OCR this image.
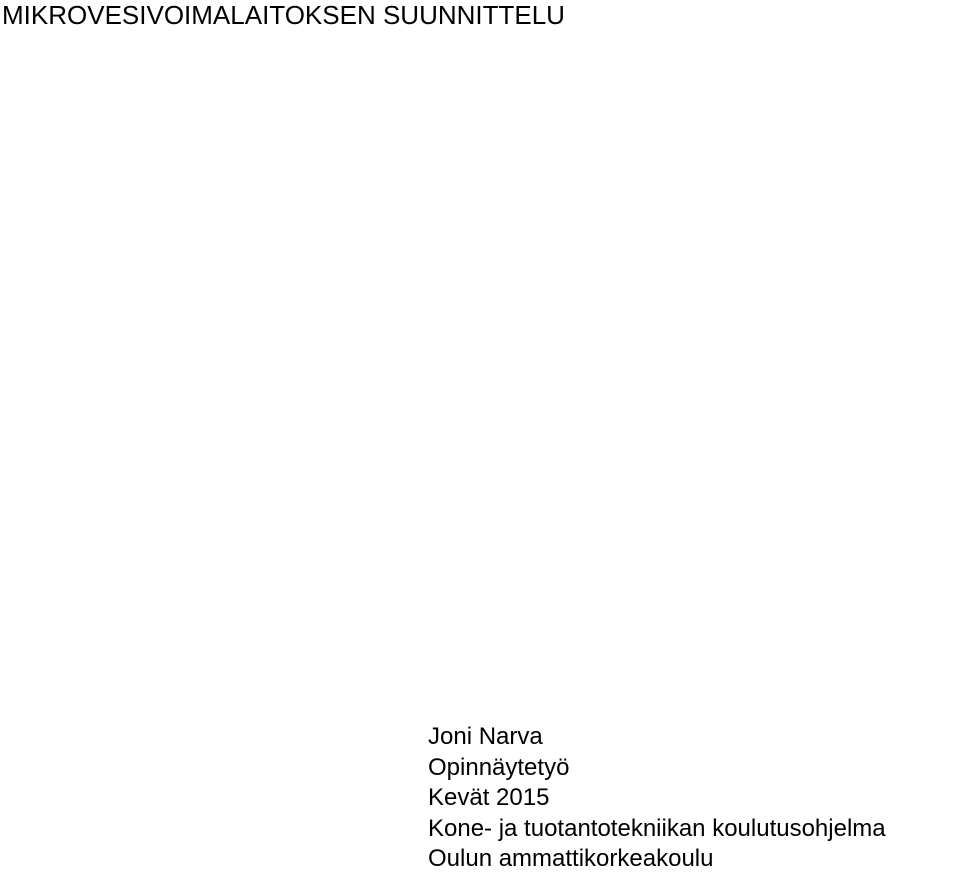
MIKROVESIVOIMALAITOKSEN SUUNNITTELU
Joni Narva
Opinnäytetyö
Kevät 2015
Kone- ja tuotantotekniikan koulutusohjelma
Oulun ammattikorkeakoulu
